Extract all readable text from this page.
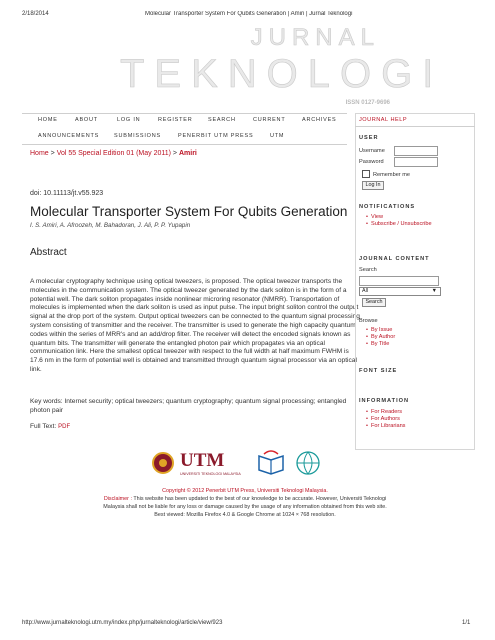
2/18/2014	Molecular Transporter System For Qubits Generation | Amiri | Jurnal Teknologi
JURNAL
TEKNOLOGI
ISSN 0127-9696
HOME	ABOUT	LOG IN	REGISTER	SEARCH	CURRENT	ARCHIVES
ANNOUNCEMENTS	SUBMISSIONS	PENERBIT UTM PRESS	UTM
Home > Vol 55 Special Edition 01 (May 2011) > Amiri
doi: 10.11113/jt.v55.923
Molecular Transporter System For Qubits Generation
I. S. Amiri, A. Afroozeh, M. Bahadoran, J. Ali, P. P. Yupapin
Abstract
A molecular cryptography technique using optical tweezers, is proposed. The optical tweezer transports the molecules in the communication system. The optical tweezer generated by the dark soliton is in the form of a potential well. The dark soliton propagates inside nonlinear microring resonator (NMRR). Transportation of molecules is implemented when the dark soliton is used as input pulse. The input bright soliton control the output signal at the drop port of the system. Output optical tweezers can be connected to the quantum signal processing system consisting of transmitter and the receiver. The transmitter is used to generate the high capacity quantum codes within the series of MRR's and an add/drop filter. The receiver will detect the encoded signals known as quantum bits. The transmitter will generate the entangled photon pair which propagates via an optical communication link. Here the smallest optical tweezer with respect to the full width at half maximum FWHM is 17.6 nm in the form of potential well is obtained and transmitted through quantum signal processor via an optical link.
Key words: Internet security; optical tweezers; quantum cryptography; quantum signal processing; entangled photon pair
Full Text: PDF
UTM
UNIVERSITI TEKNOLOGI MALAYSIA
Copyright © 2012 Penerbit UTM Press, Universiti Teknologi Malaysia.
Disclaimer : This website has been updated to the best of our knowledge to be accurate. However, Universiti Teknologi Malaysia shall not be liable for any loss or damage caused by the usage of any information obtained from this web site.
Best viewed: Mozilla Firefox 4.0 & Google Chrome at 1024 × 768 resolution.
JOURNAL HELP
USER
Username
Password
Remember me
Log In
NOTIFICATIONS
• View
• Subscribe / Unsubscribe
JOURNAL CONTENT
Search
All	▼
Search
Browse
• By Issue
• By Author
• By Title
FONT SIZE
INFORMATION
• For Readers
• For Authors
• For Librarians
http://www.jurnalteknologi.utm.my/index.php/jurnalteknologi/article/view/923	1/1
